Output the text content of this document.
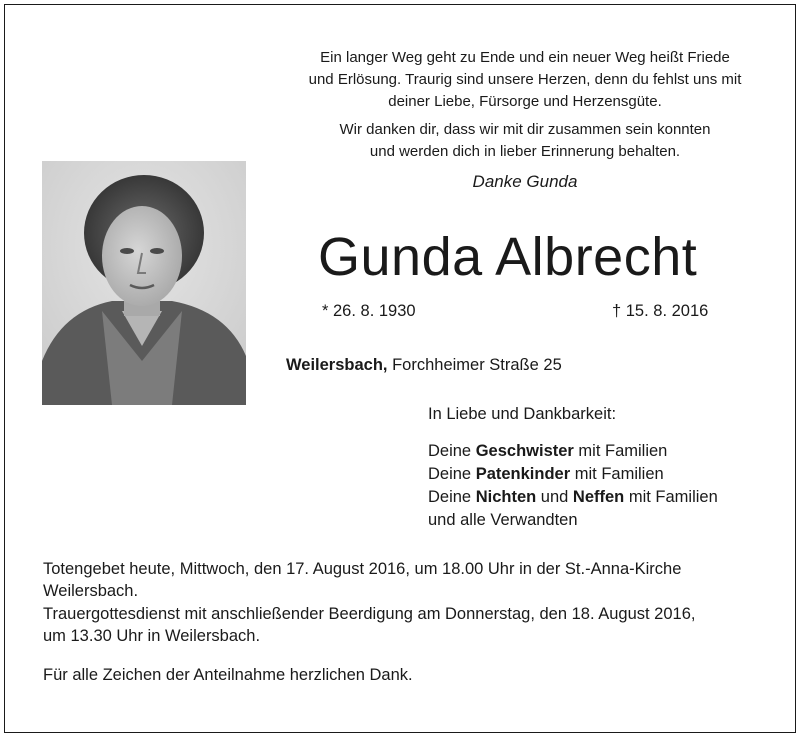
Ein langer Weg geht zu Ende und ein neuer Weg heißt Friede
und Erlösung. Traurig sind unsere Herzen, denn du fehlst uns mit
deiner Liebe, Fürsorge und Herzensgüte.
Wir danken dir, dass wir mit dir zusammen sein konnten
und werden dich in lieber Erinnerung behalten.
Danke Gunda
Gunda Albrecht
* 26. 8. 1930	† 15. 8. 2016
Weilersbach, Forchheimer Straße 25
In Liebe und Dankbarkeit:
Deine Geschwister mit Familien
Deine Patenkinder mit Familien
Deine Nichten und Neffen mit Familien
und alle Verwandten
Totengebet heute, Mittwoch, den 17. August 2016, um 18.00 Uhr in der St.-Anna-Kirche
Weilersbach.
Trauergottesdienst mit anschließender Beerdigung am Donnerstag, den 18. August 2016,
um 13.30 Uhr in Weilersbach.
Für alle Zeichen der Anteilnahme herzlichen Dank.
